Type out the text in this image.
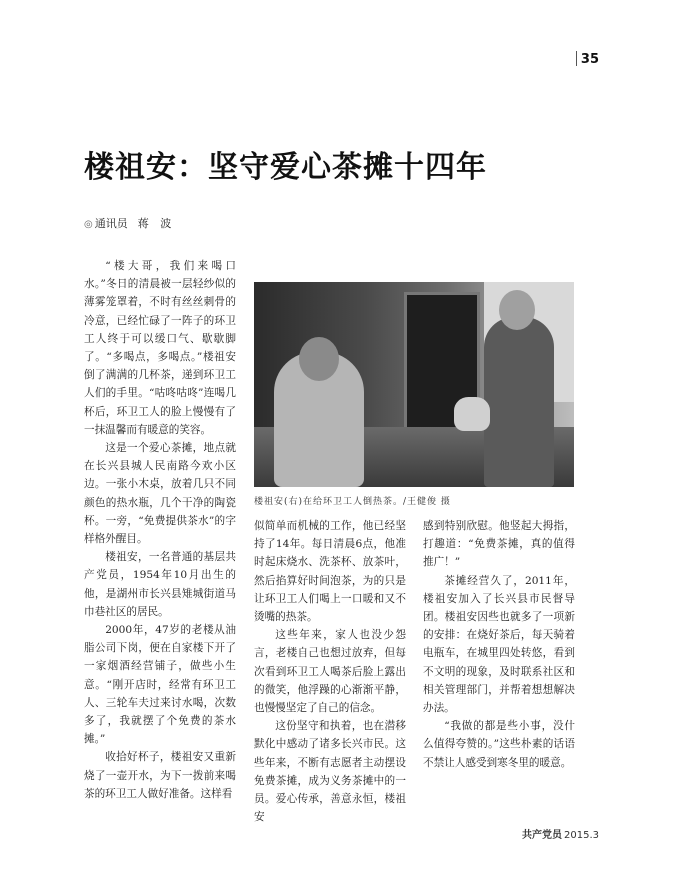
35
楼祖安：坚守爱心茶摊十四年
◎ 通讯员 蒋 波

“楼大哥，我们来喝口水。”冬日的清晨被一层轻纱似的薄雾笼罩着，不时有丝丝刺骨的冷意，已经忙碌了一阵子的环卫工人终于可以缓口气、歇歇脚了。“多喝点，多喝点。”楼祖安倒了满满的几杯茶，递到环卫工人们的手里。“咕咚咕咚”连喝几杯后，环卫工人的脸上慢慢有了一抹温馨而有暖意的笑容。

这是一个爱心茶摊，地点就在长兴县城人民南路今欢小区边。一张小木桌，放着几只不同颜色的热水瓶，几个干净的陶瓷杯。一旁，“免费提供茶水”的字样格外醒目。

楼祖安，一名普通的基层共产党员，1954年10月出生的他，是湖州市长兴县雉城街道马巾巷社区的居民。

2000年，47岁的老楼从油脂公司下岗，便在自家楼下开了一家烟酒经营铺子，做些小生意。“刚开店时，经常有环卫工人、三轮车夫过来讨水喝，次数多了，我就摆了个免费的茶水摊。”

收拾好杯子，楼祖安又重新烧了一壶开水，为下一拨前来喝茶的环卫工人做好准备。这样看

楼祖安(右)在给环卫工人倒热茶。/王健俊 摄

似简单而机械的工作，他已经坚持了14年。每日清晨6点，他准时起床烧水、洗茶杯、放茶叶，然后掐算好时间泡茶，为的只是让环卫工人们喝上一口暖和又不烫嘴的热茶。

这些年来，家人也没少怨言，老楼自己也想过放弃，但每次看到环卫工人喝茶后脸上露出的微笑，他浮躁的心渐渐平静，也慢慢坚定了自己的信念。

这份坚守和执着，也在潜移默化中感动了诸多长兴市民。这些年来，不断有志愿者主动摆设免费茶摊，成为义务茶摊中的一员。爱心传承，善意永恒，楼祖安

感到特别欣慰。他竖起大拇指，打趣道：“免费茶摊，真的值得推广！”

茶摊经营久了，2011年，楼祖安加入了长兴县市民督导团。楼祖安因些也就多了一项新的安排：在烧好茶后，每天骑着电瓶车，在城里四处转悠，看到不文明的现象，及时联系社区和相关管理部门，并帮着想想解决办法。

“我做的都是些小事，没什么值得夸赞的。”这些朴素的话语不禁让人感受到寒冬里的暖意。

共产党员 2015.3
